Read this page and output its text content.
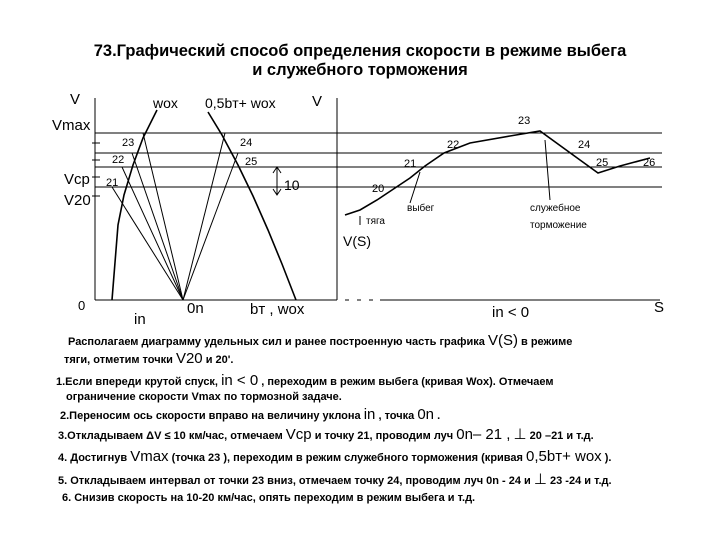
73.Графический способ определения скорости в режиме выбега
и служебного торможения
10
V
Vmax
Vср
V20
0
in
wox 0,5bт+ wox
0n	bт , wox
23
22
21
24
25
V
S
20
21
22
23
24
25	26
тяга
выбег	служебное
торможение
V(S)
in < 0
Располагаем диаграмму удельных сил и ранее построенную часть графика V(S) в режиме
тяги, отметим точки V20 и 20'.
1.Если впереди крутой спуск, in < 0 , переходим в режим выбега (кривая Wox). Отмечаем
ограничение скорости Vmax по тормозной задаче.
2.Переносим ось скорости вправо на величину уклона in , точка 0n .
3.Откладываем ΔV ≤ 10 км/час, отмечаем Vср и точку 21, проводим луч 0n– 21 , ⊥ 20 –21 и т.д.
4. Достигнув Vmax (точка 23 ), переходим в режим служебного торможения (кривая 0,5bт+ wox ).
5. Откладываем интервал от точки 23 вниз, отмечаем точку 24, проводим луч 0n - 24 и ⊥ 23 -24 и т.д.
6. Снизив скорость на 10-20 км/час, опять переходим в режим выбега и т.д.
